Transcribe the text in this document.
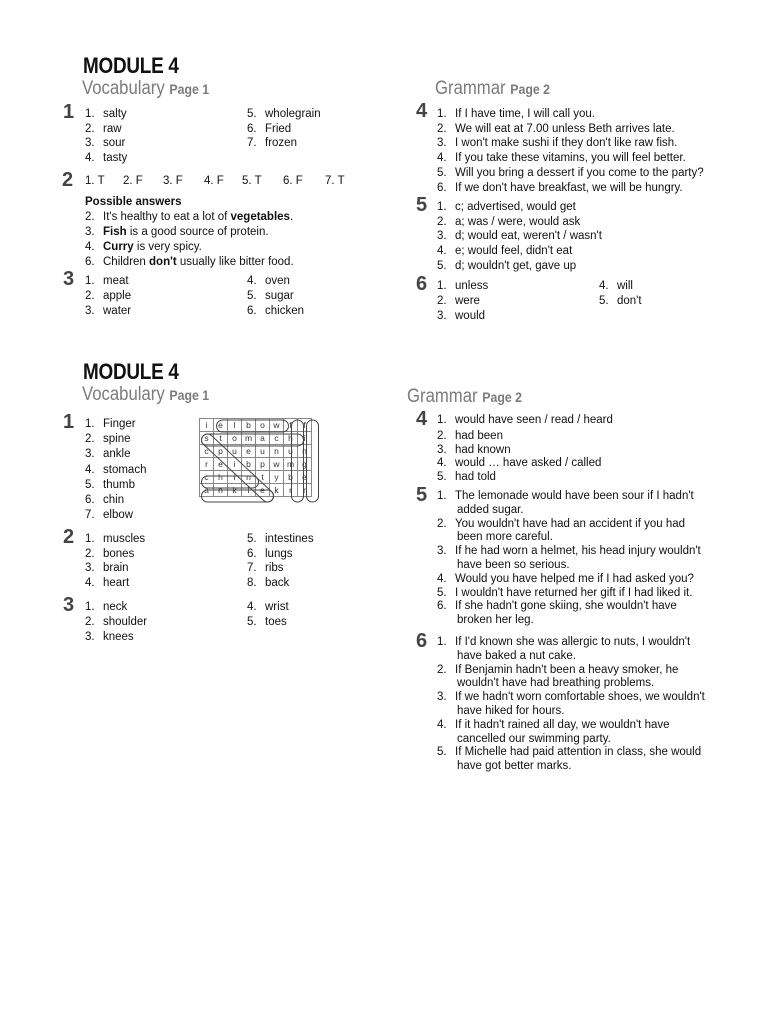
MODULE 4
Vocabulary Page 1
1 1. salty
2. raw
3. sour
4. tasty
5. wholegrain
6. Fried
7. frozen
2 1. T 2. F 3. F 4. F 5. T 6. F 7. T
Possible answers
2. It's healthy to eat a lot of vegetables.
3. Fish is a good source of protein.
4. Curry is very spicy.
6. Children don't usually like bitter food.
3 1. meat
2. apple
3. water
4. oven
5. sugar
6. chicken
Grammar Page 2
4 1. If I have time, I will call you.
2. We will eat at 7.00 unless Beth arrives late.
3. I won't make sushi if they don't like raw fish.
4. If you take these vitamins, you will feel better.
5. Will you bring a dessert if you come to the party?
6. If we don't have breakfast, we will be hungry.
5 1. c; advertised, would get
2. a; was / were, would ask
3. d; would eat, weren't / wasn't
4. e; would feel, didn't eat
5. d; wouldn't get, gave up
6 1. unless
2. were
3. would
4. will
5. don't
MODULE 4
Vocabulary Page 1
1 1. Finger
2. spine
3. ankle
4. stomach
5. thumb
6. chin
7. elbow
i	e	l	b	o	w	f	f
s	t	o	m	a	c	h	i
c	p	u	e	u	n	u	n
r	e	i	b	p	w	m	g
c	h	i	n	t	y	b	e
a	n	k	l	e	k	r	r
2 1. muscles
2. bones
3. brain
4. heart
5. intestines
6. lungs
7. ribs
8. back
3 1. neck
2. shoulder
3. knees
4. wrist
5. toes
Grammar Page 2
4 1. would have seen / read / heard
2. had been
3. had known
4. would … have asked / called
5. had told
5 1. The lemonade would have been sour if I hadn't
added sugar.
2. You wouldn't have had an accident if you had
been more careful.
3. If he had worn a helmet, his head injury wouldn't
have been so serious.
4. Would you have helped me if I had asked you?
5. I wouldn't have returned her gift if I had liked it.
6. If she hadn't gone skiing, she wouldn't have
broken her leg.
6 1. If I'd known she was allergic to nuts, I wouldn't
have baked a nut cake.
2. If Benjamin hadn't been a heavy smoker, he
wouldn't have had breathing problems.
3. If we hadn't worn comfortable shoes, we wouldn't
have hiked for hours.
4. If it hadn't rained all day, we wouldn't have
cancelled our swimming party.
5. If Michelle had paid attention in class, she would
have got better marks.
